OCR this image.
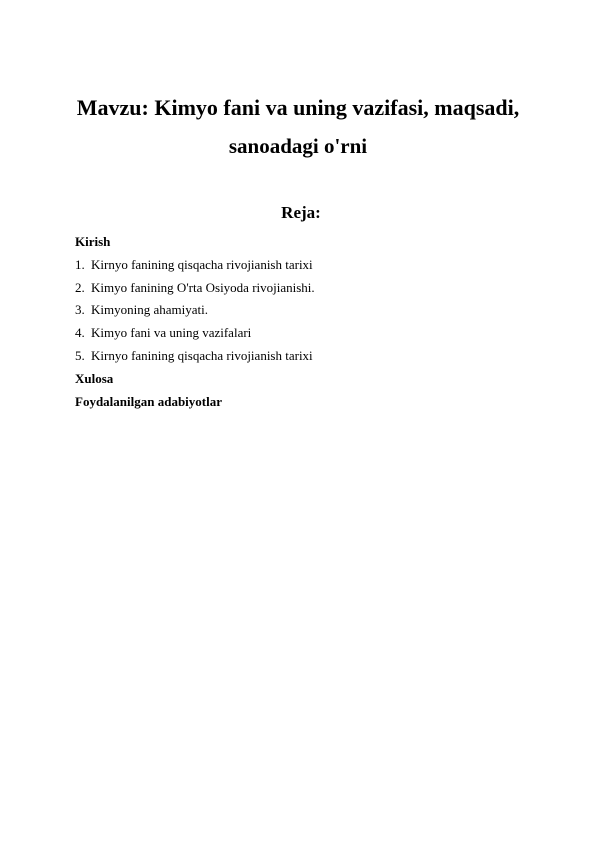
Mavzu: Kimyo fani va uning vazifasi, maqsadi,
sanoadagi o'rni
Reja:
Kirish
1. Kirnyo fanining qisqacha rivojianish tarixi
2. Kimyo fanining O'rta Osiyoda rivojianishi.
3. Kimyoning ahamiyati.
4. Kimyo fani va uning vazifalari
5. Kirnyo fanining qisqacha rivojianish tarixi
Xulosa
Foydalanilgan adabiyotlar
